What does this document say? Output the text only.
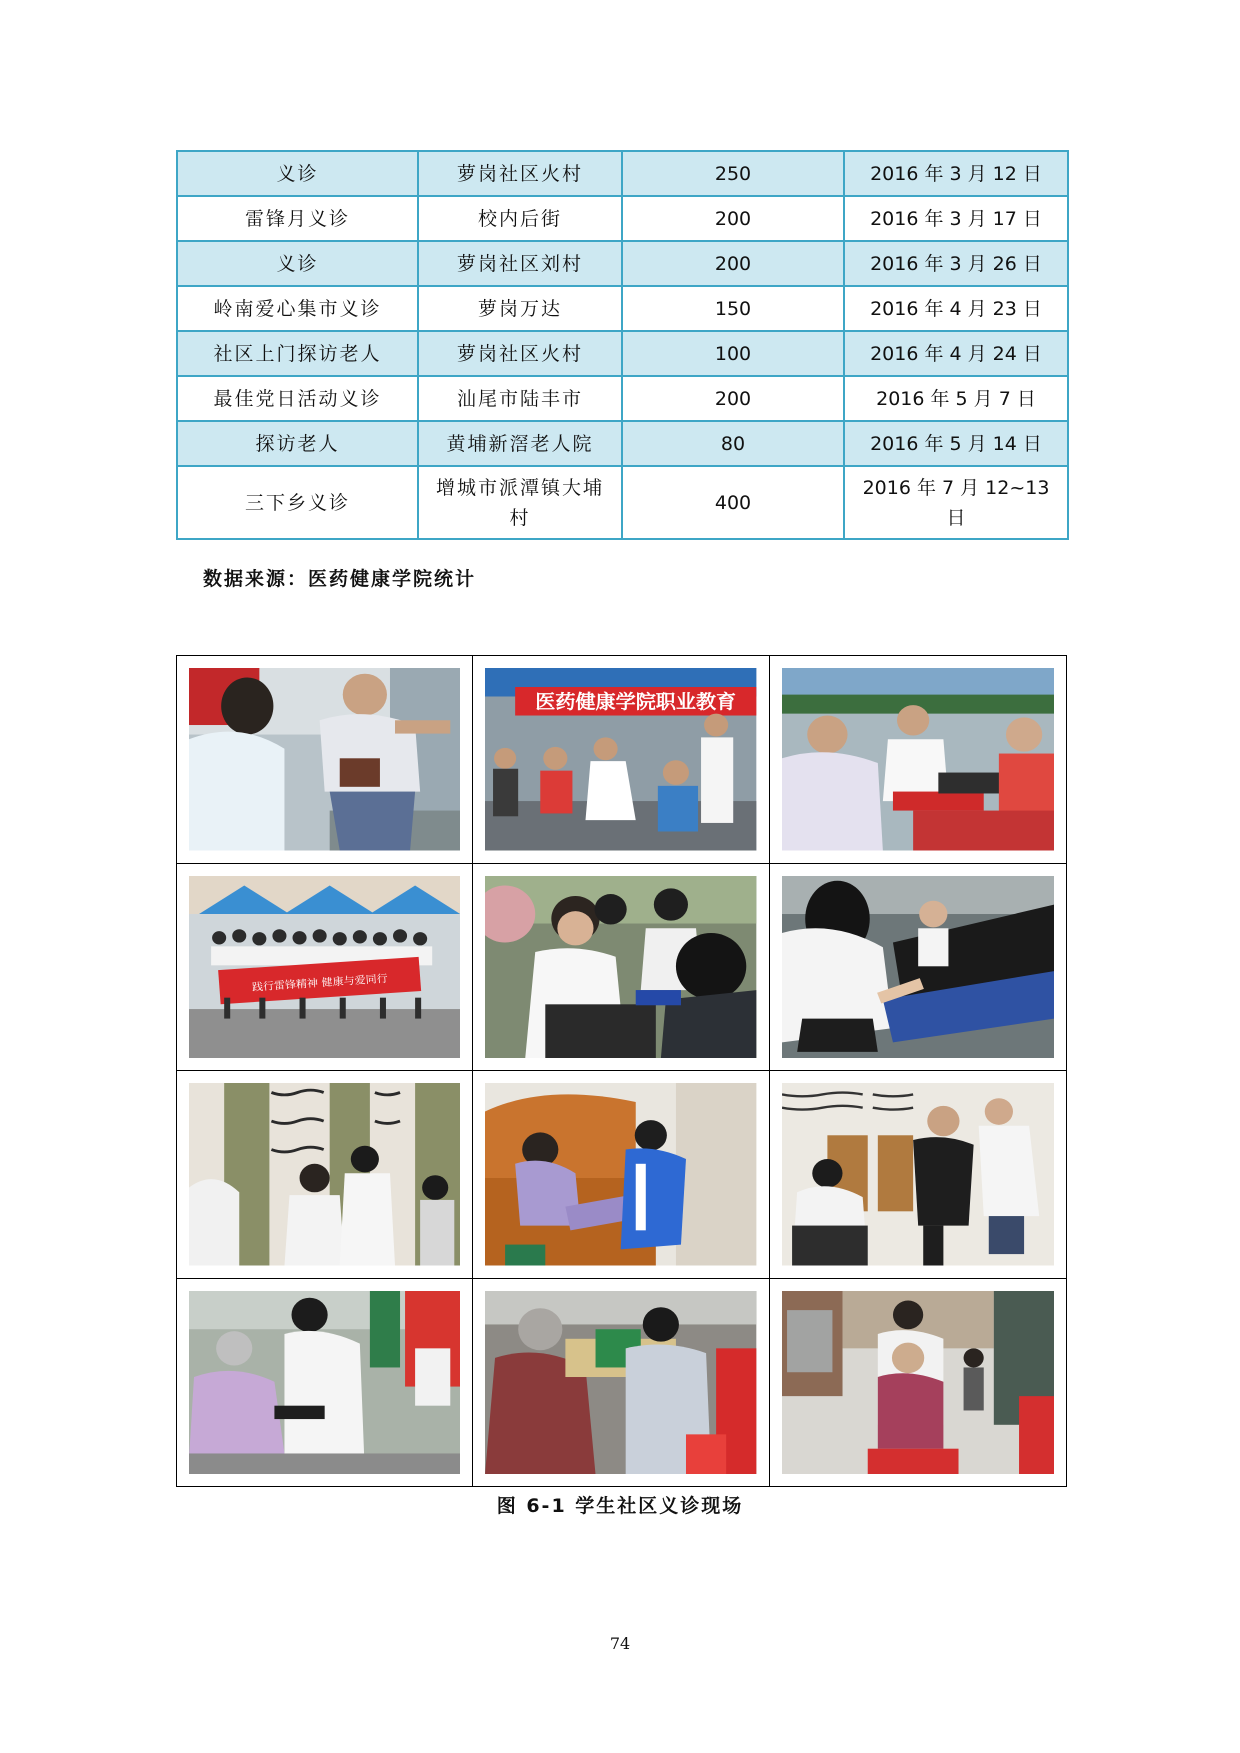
义诊	萝岗社区火村	250	2016 年 3 月 12 日
雷锋月义诊	校内后街	200	2016 年 3 月 17 日
义诊	萝岗社区刘村	200	2016 年 3 月 26 日
岭南爱心集市义诊	萝岗万达	150	2016 年 4 月 23 日
社区上门探访老人	萝岗社区火村	100	2016 年 4 月 24 日
最佳党日活动义诊	汕尾市陆丰市	200	2016 年 5 月 7 日
探访老人	黄埔新滘老人院	80	2016 年 5 月 14 日
三下乡义诊	增城市派潭镇大埔村	400	2016 年 7 月 12~13 日
数据来源：医药健康学院统计
医药健康学院职业教育
践行雷锋精神 健康与爱同行
图 6-1 学生社区义诊现场
74
